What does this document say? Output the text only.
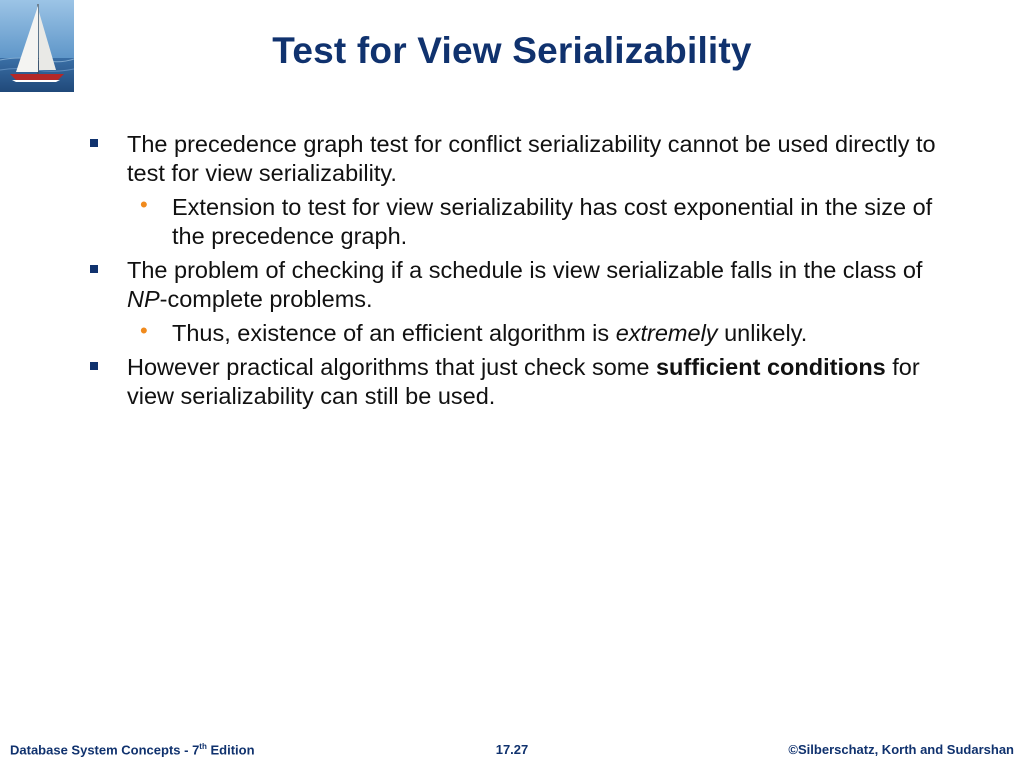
Test for View Serializability
The precedence graph test for conflict serializability cannot be used directly to test for view serializability.
• Extension to test for view serializability has cost exponential in the size of the precedence graph.
The problem of checking if a schedule is view serializable falls in the class of NP-complete problems.
• Thus, existence of an efficient algorithm is extremely unlikely.
However practical algorithms that just check some sufficient conditions for view serializability can still be used.
Database System Concepts - 7th Edition	17.27	©Silberschatz, Korth and Sudarshan
